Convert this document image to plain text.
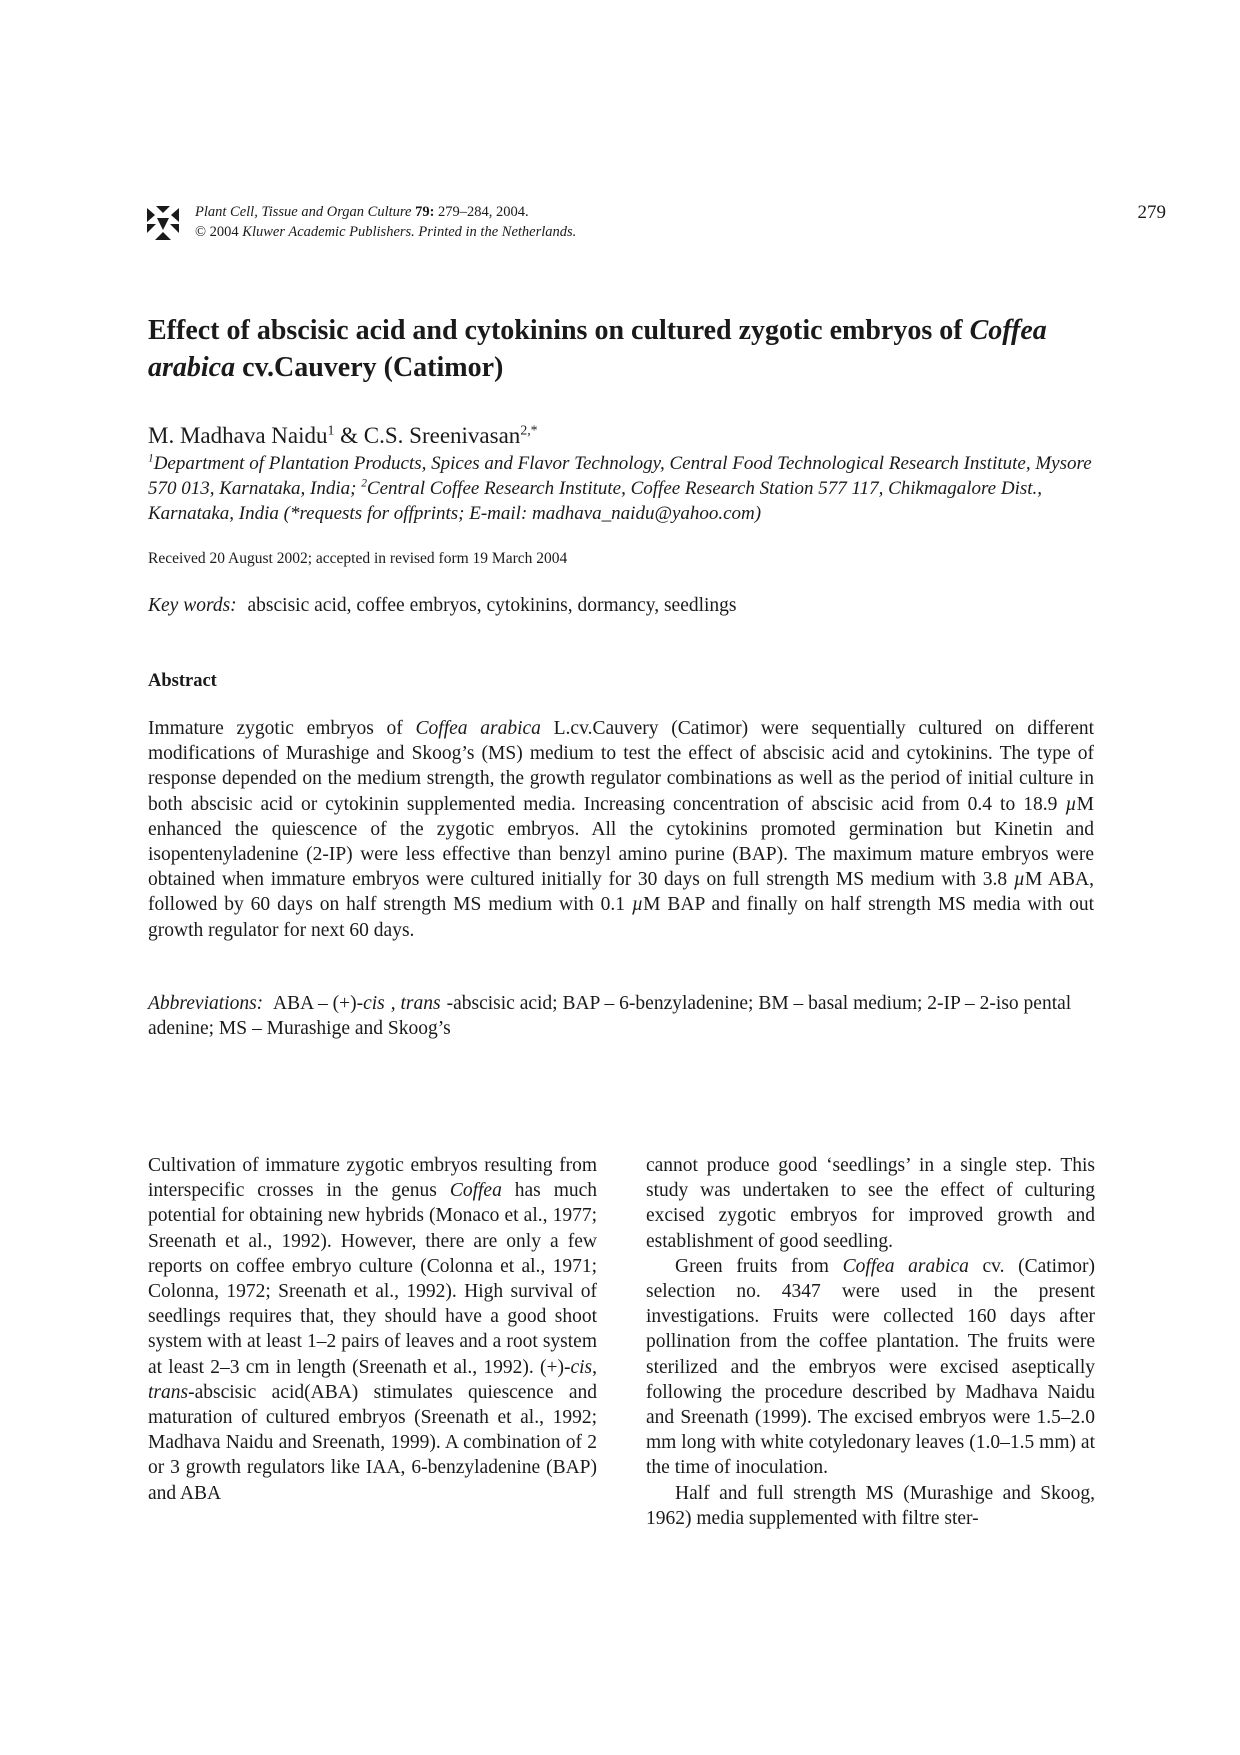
Plant Cell, Tissue and Organ Culture 79: 279–284, 2004.
© 2004 Kluwer Academic Publishers. Printed in the Netherlands.
279
Effect of abscisic acid and cytokinins on cultured zygotic embryos of Coffea
arabica cv.Cauvery (Catimor)
M. Madhava Naidu$^1$ & C.S. Sreenivasan$^{2,*}$
$^1$Department of Plantation Products, Spices and Flavor Technology, Central Food Technological Research Institute, Mysore 570 013, Karnataka, India; $^2$Central Coffee Research Institute, Coffee Research Station 577 117, Chikmagalore Dist., Karnataka, India (*requests for offprints; E-mail: madhava_naidu@yahoo.com)
Received 20 August 2002; accepted in revised form 19 March 2004
Key words: abscisic acid, coffee embryos, cytokinins, dormancy, seedlings
Abstract
Immature zygotic embryos of Coffea arabica L.cv.Cauvery (Catimor) were sequentially cultured on different modifications of Murashige and Skoog’s (MS) medium to test the effect of abscisic acid and cytokinins. The type of response depended on the medium strength, the growth regulator combinations as well as the period of initial culture in both abscisic acid or cytokinin supplemented media. Increasing concentration of abscisic acid from 0.4 to 18.9 µM enhanced the quiescence of the zygotic embryos. All the cytokinins promoted germination but Kinetin and isopentenyladenine (2-IP) were less effective than benzyl amino purine (BAP). The maximum mature embryos were obtained when immature embryos were cultured initially for 30 days on full strength MS medium with 3.8 µM ABA, followed by 60 days on half strength MS medium with 0.1 µM BAP and finally on half strength MS media with out growth regulator for next 60 days.
Abbreviations: ABA – (+)-cis , trans -abscisic acid; BAP – 6-benzyladenine; BM – basal medium; 2-IP – 2-iso pental adenine; MS – Murashige and Skoog’s

Cultivation of immature zygotic embryos resulting from interspecific crosses in the genus Coffea has much potential for obtaining new hybrids (Monaco et al., 1977; Sreenath et al., 1992). However, there are only a few reports on coffee embryo culture (Colonna et al., 1971; Colonna, 1972; Sreenath et al., 1992). High survival of seedlings requires that, they should have a good shoot system with at least 1–2 pairs of leaves and a root system at least 2–3 cm in length (Sreenath et al., 1992). (+)-cis, trans-abscisic acid(ABA) stimulates quiescence and maturation of cultured embryos (Sreenath et al., 1992; Madhava Naidu and Sreenath, 1999). A combination of 2 or 3 growth regulators like IAA, 6-benzyladenine (BAP) and ABA

cannot produce good ‘seedlings’ in a single step. This study was undertaken to see the effect of culturing excised zygotic embryos for improved growth and establishment of good seedling.

Green fruits from Coffea arabica cv. (Catimor) selection no. 4347 were used in the present investigations. Fruits were collected 160 days after pollination from the coffee plantation. The fruits were sterilized and the embryos were excised aseptically following the procedure described by Madhava Naidu and Sreenath (1999). The excised embryos were 1.5–2.0 mm long with white cotyledonary leaves (1.0–1.5 mm) at the time of inoculation.

Half and full strength MS (Murashige and Skoog, 1962) media supplemented with filtre ster-
